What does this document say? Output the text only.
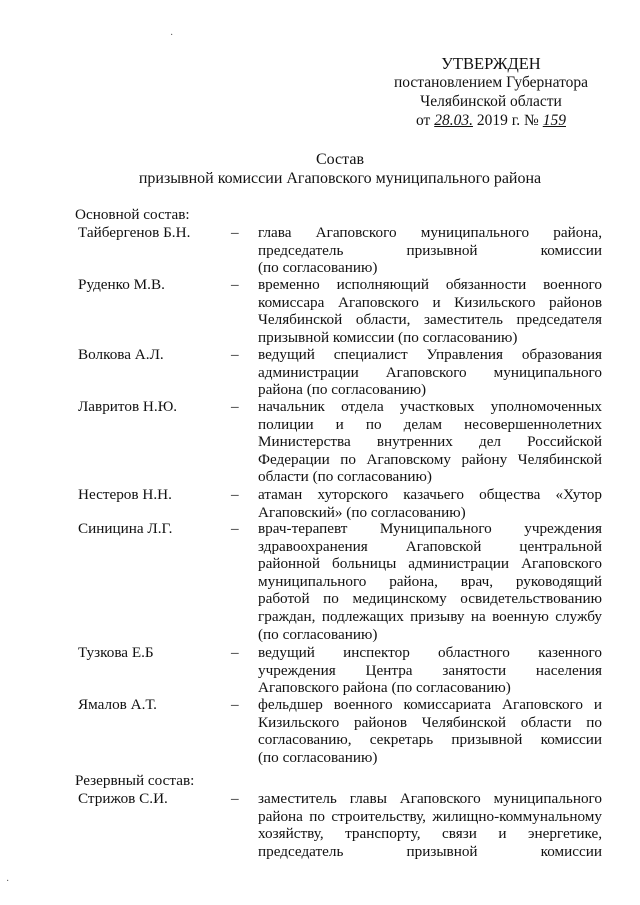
УТВЕРЖДЕН
постановлением Губернатора
Челябинской области
от 28.03. 2019 г. № 159
Состав
призывной комиссии Агаповского муниципального района
Основной состав:
Тайбергенов Б.Н.	– глава Агаповского муниципального района,
председатель призывной комиссии
(по согласованию)
Руденко М.В.	– временно исполняющий обязанности военного
комиссара Агаповского и Кизильского районов
Челябинской области, заместитель председателя
призывной комиссии (по согласованию)
Волкова А.Л.	– ведущий специалист Управления образования
администрации Агаповского муниципального
района (по согласованию)
Лавритов Н.Ю.	– начальник отдела участковых уполномоченных
полиции и по делам несовершеннолетних
Министерства внутренних дел Российской
Федерации по Агаповскому району Челябинской
области (по согласованию)
Нестеров Н.Н.	– атаман хуторского казачьего общества «Хутор
Агаповский» (по согласованию)
Синицина Л.Г.	– врач-терапевт Муниципального учреждения
здравоохранения Агаповской центральной
районной больницы администрации Агаповского
муниципального района, врач, руководящий
работой по медицинскому освидетельствованию
граждан, подлежащих призыву на военную службу
(по согласованию)
Тузкова Е.Б	– ведущий инспектор областного казенного
учреждения Центра занятости населения
Агаповского района (по согласованию)
Ямалов А.Т.	– фельдшер военного комиссариата Агаповского и
Кизильского районов Челябинской области по
согласованию, секретарь призывной комиссии
(по согласованию)
Резервный состав:
Стрижов С.И.	– заместитель главы Агаповского муниципального
района по строительству, жилищно-коммунальному
хозяйству, транспорту, связи и энергетике,
председатель призывной комиссии
·
·
